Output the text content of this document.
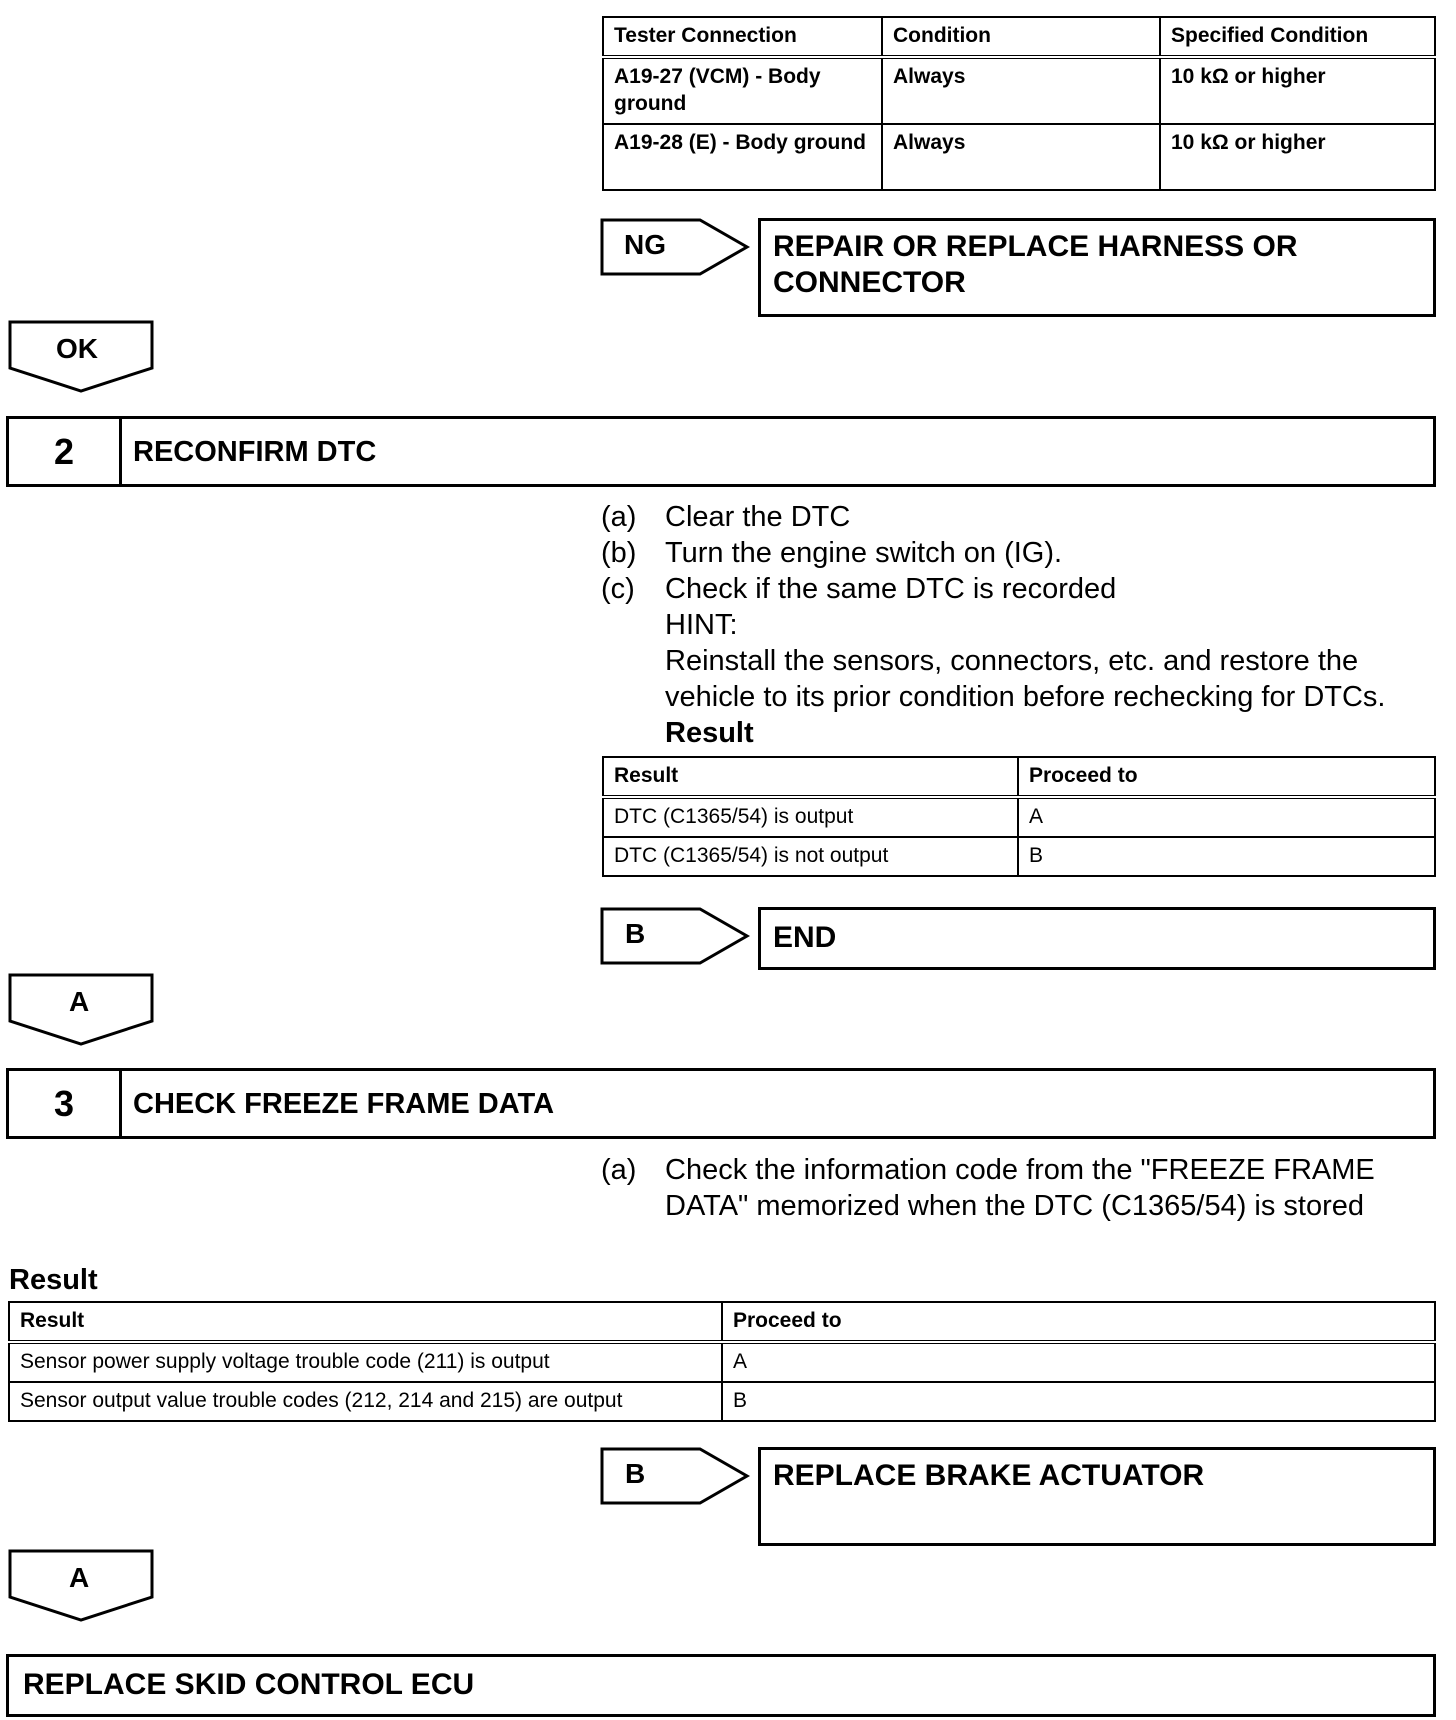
Tester Connection	Condition	Specified Condition
A19-27 (VCM) - Body ground	Always	10 kΩ or higher
A19-28 (E) - Body ground	Always	10 kΩ or higher
NG	REPAIR OR REPLACE HARNESS OR CONNECTOR
OK
2	RECONFIRM DTC
(a) Clear the DTC
(b) Turn the engine switch on (IG).
(c) Check if the same DTC is recorded
HINT:
Reinstall the sensors, connectors, etc. and restore the
vehicle to its prior condition before rechecking for DTCs.
Result
Result	Proceed to
DTC (C1365/54) is output	A
DTC (C1365/54) is not output	B
B	END
A
3	CHECK FREEZE FRAME DATA
(a) Check the information code from the "FREEZE FRAME
DATA" memorized when the DTC (C1365/54) is stored
Result
Result	Proceed to
Sensor power supply voltage trouble code (211) is output	A
Sensor output value trouble codes (212, 214 and 215) are output	B
B	REPLACE BRAKE ACTUATOR
A
REPLACE SKID CONTROL ECU
